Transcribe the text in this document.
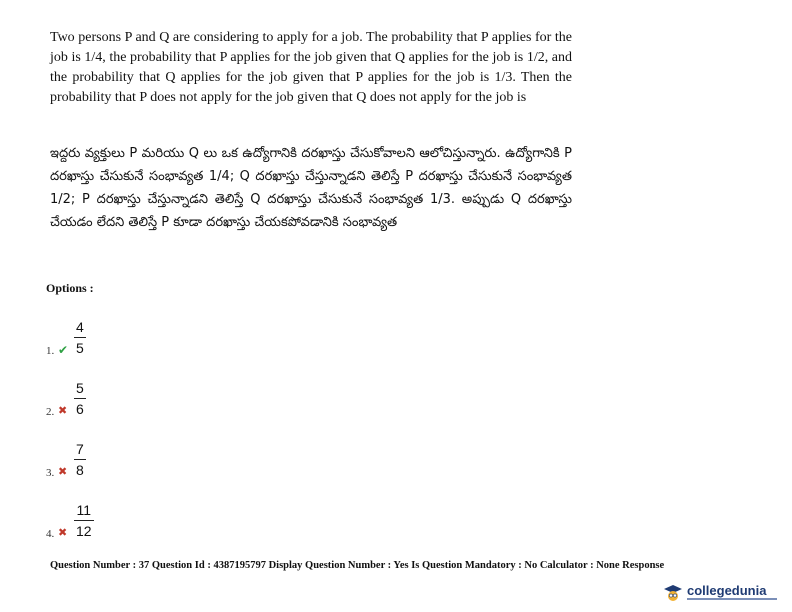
Two persons P and Q are considering to apply for a job. The probability that P applies for the job is 1/4, the probability that P applies for the job given that Q applies for the job is 1/2, and the probability that Q applies for the job given that P applies for the job is 1/3. Then the probability that P does not apply for the job given that Q does not apply for the job is
ఇద్దరు వ్యక్తులు P మరియు Q లు ఒక ఉద్యోగానికి దరఖాస్తు చేసుకోవాలని ఆలోచిస్తున్నారు. ఉద్యోగానికి P దరఖాస్తు చేసుకునే సంభావ్యత 1/4; Q దరఖాస్తు చేస్తున్నాడని తెలిస్తే P దరఖాస్తు చేసుకునే సంభావ్యత 1/2; P దరఖాస్తు చేస్తున్నాడని తెలిస్తే Q దరఖాస్తు చేసుకునే సంభావ్యత 1/3. అప్పుడు Q దరఖాస్తు చేయడం లేదని తెలిస్తే P కూడా దరఖాస్తు చేయకపోవడానికి సంభావ్యత
Options :
1. ✔
4
5
2. ✖
5
6
3. ✖
7
8
4. ✖
11
12
Question Number : 37 Question Id : 4387195797 Display Question Number : Yes Is Question Mandatory : No Calculator : None Response
collegedunia
